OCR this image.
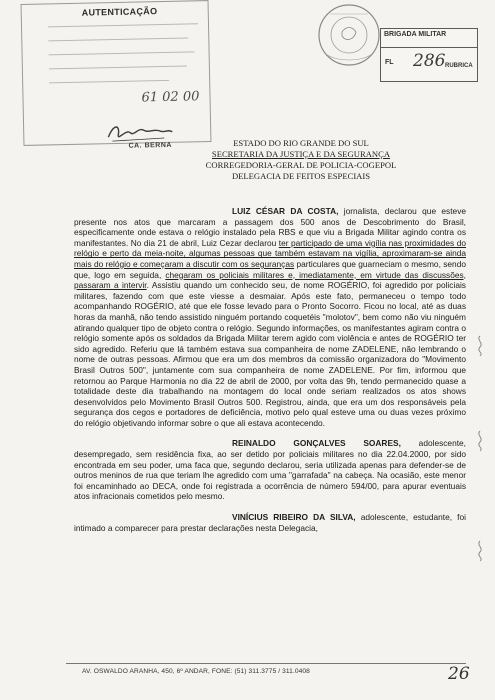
AUTENTICAÇÃO
61 02 00
CA. BERNA
BRIGADA MILITAR
FL 286 RUBRICA
ESTADO DO RIO GRANDE DO SUL
SECRETARIA DA JUSTIÇA E DA SEGURANÇA
CORREGEDORIA-GERAL DE POLICIA-COGEPOL
DELEGACIA DE FEITOS ESPECIAIS

LUIZ CÉSAR DA COSTA, jornalista, declarou que esteve presente nos atos que marcaram a passagem dos 500 anos de Descobrimento do Brasil, especificamente onde estava o relógio instalado pela RBS e que viu a Brigada Militar agindo contra os manifestantes. No dia 21 de abril, Luiz Cezar declarou ter participado de uma vigília nas proximidades do relógio e perto da meia-noite, algumas pessoas que também estavam na vigília, aproximaram-se ainda mais do relógio e começaram a discutir com os seguranças particulares que guarneciam o mesmo, sendo que, logo em seguida, chegaram os policiais militares e, imediatamente, em virtude das discussões, passaram a intervir. Assistiu quando um conhecido seu, de nome ROGÉRIO, foi agredido por policiais militares, fazendo com que este viesse a desmaiar. Após este fato, permaneceu o tempo todo acompanhando ROGÉRIO, até que ele fosse levado para o Pronto Socorro. Ficou no local, até as duas horas da manhã, não tendo assistido ninguém portando coquetéis "molotov", bem como não viu ninguém atirando qualquer tipo de objeto contra o relógio. Segundo informações, os manifestantes agiram contra o relógio somente após os soldados da Brigada Militar terem agido com violência e antes de ROGÉRIO ter sido agredido. Referiu que lá também estava sua companheira de nome ZADELENE, não lembrando o nome de outras pessoas. Afirmou que era um dos membros da comissão organizadora do "Movimento Brasil Outros 500", juntamente com sua companheira de nome ZADELENE. Por fim, informou que retornou ao Parque Harmonia no dia 22 de abril de 2000, por volta das 9h, tendo permanecido quase a totalidade deste dia trabalhando na montagem do local onde seriam realizados os atos shows desenvolvidos pelo Movimento Brasil Outros 500. Registrou, ainda, que era um dos responsáveis pela segurança dos cegos e portadores de deficiência, motivo pelo qual esteve uma ou duas vezes próximo do relógio objetivando informar sobre o que ali estava acontecendo.

REINALDO GONÇALVES SOARES, adolescente, desempregado, sem residência fixa, ao ser detido por policiais militares no dia 22.04.2000, por sido encontrada em seu poder, uma faca que, segundo declarou, seria utilizada apenas para defender-se de outros meninos de rua que teriam lhe agredido com uma "garrafada" na cabeça. Na ocasião, este menor foi encaminhado ao DECA, onde foi registrada a ocorrência de número 594/00, para apurar eventuais atos infracionais cometidos pelo mesmo.

VINÍCIUS RIBEIRO DA SILVA, adolescente, estudante, foi intimado a comparecer para prestar declarações nesta Delegacia,

AV. OSWALDO ARANHA, 450, 6º ANDAR, FONE: (51) 311.3775 / 311.0408	26
